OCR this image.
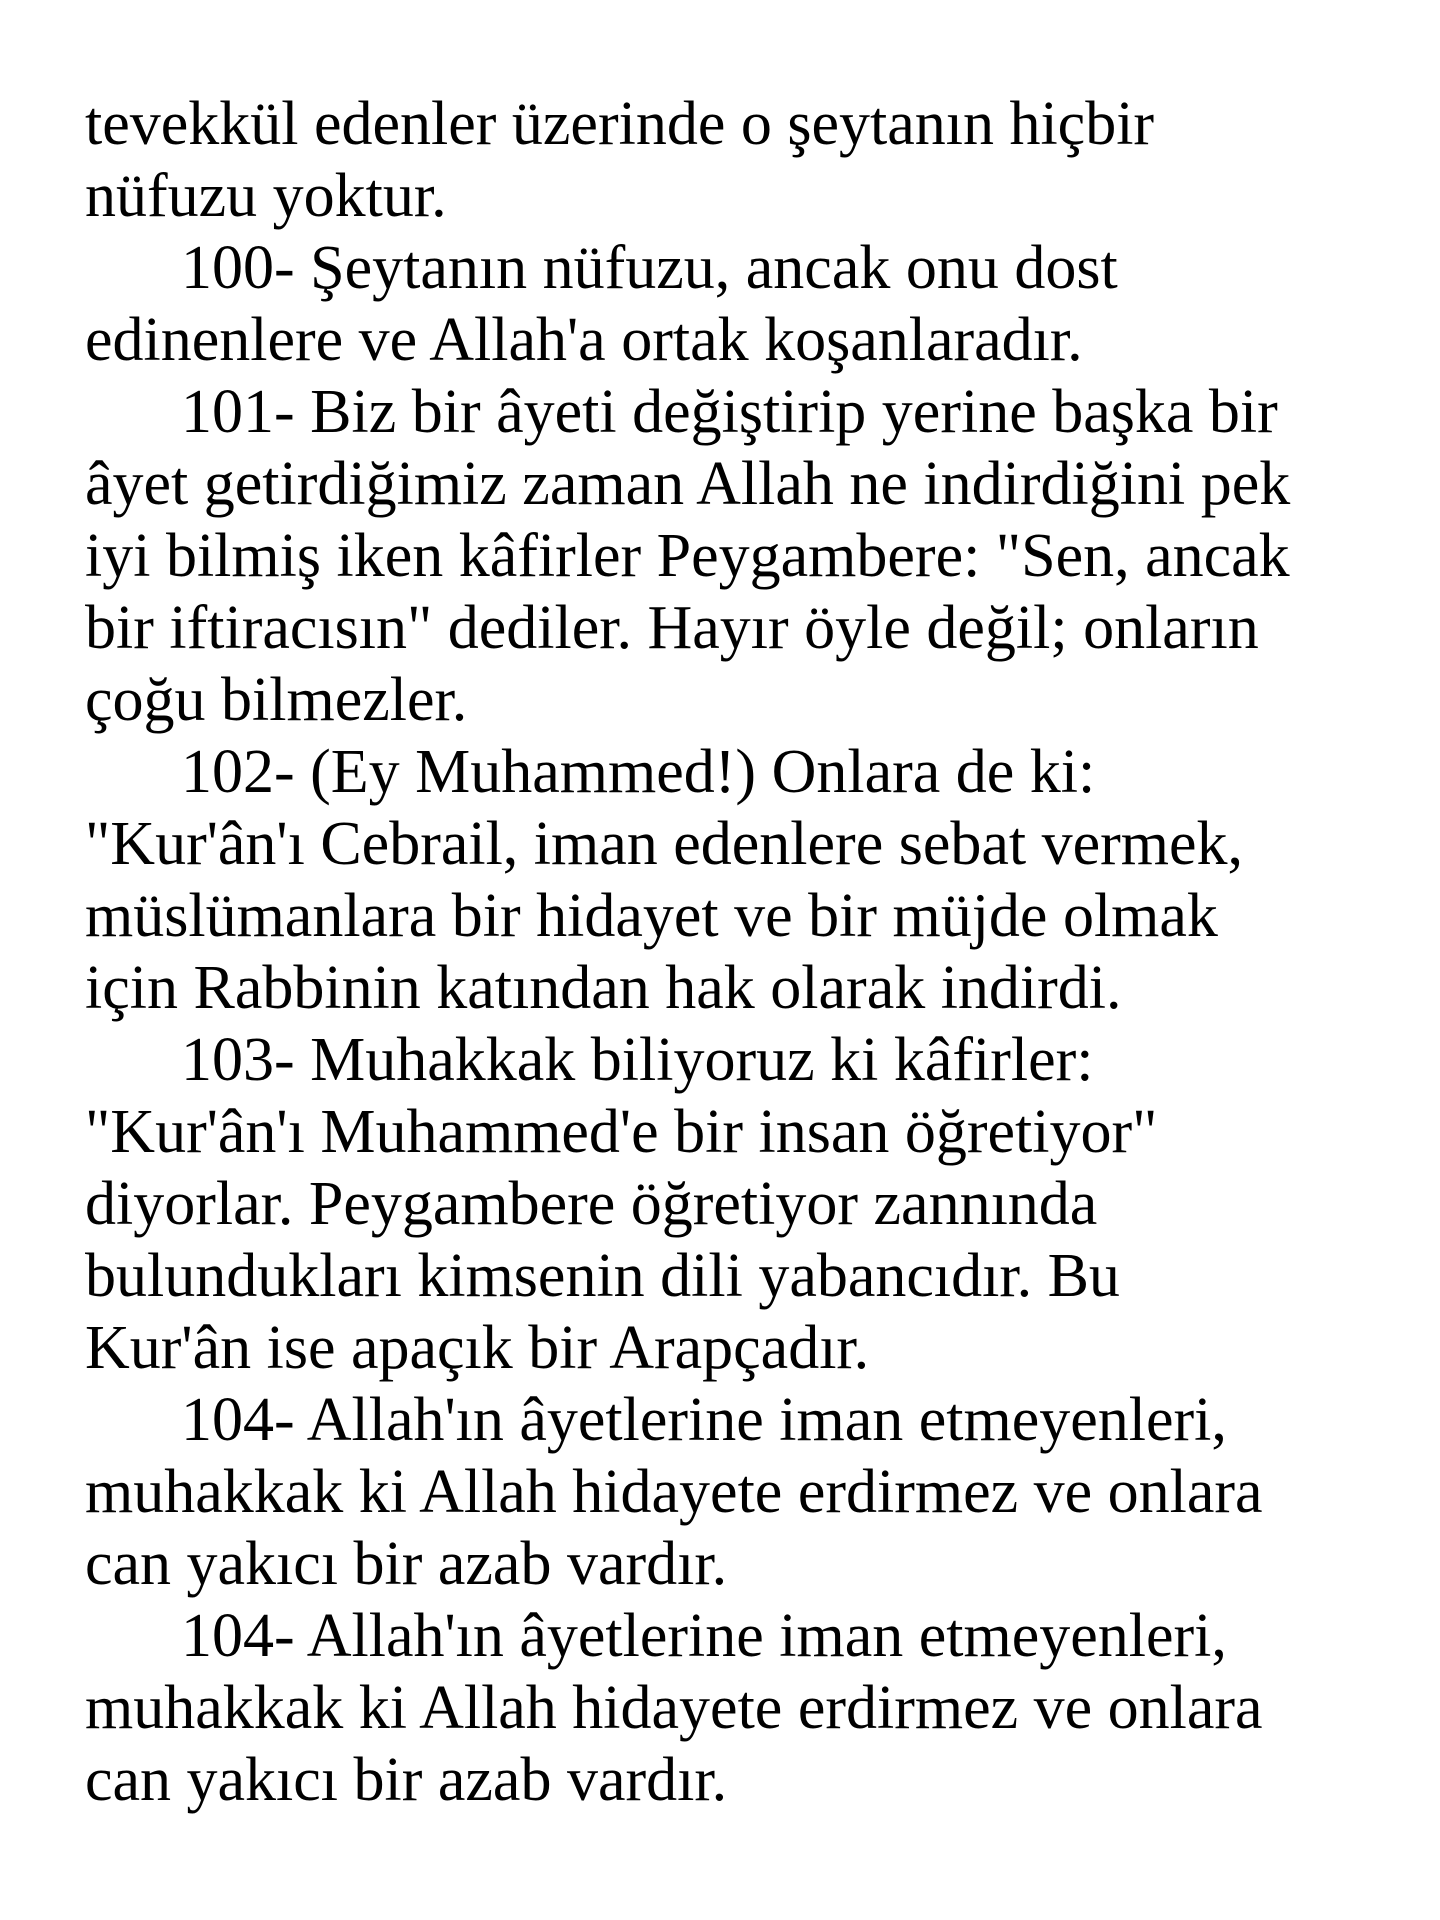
tevekkül edenler üzerinde o şeytanın hiçbir
nüfuzu yoktur.
100- Şeytanın nüfuzu, ancak onu dost
edinenlere ve Allah'a ortak koşanlaradır.
101- Biz bir âyeti değiştirip yerine başka bir
âyet getirdiğimiz zaman Allah ne indirdiğini pek
iyi bilmiş iken kâfirler Peygambere: "Sen, ancak
bir iftiracısın" dediler. Hayır öyle değil; onların
çoğu bilmezler.
102- (Ey Muhammed!) Onlara de ki:
"Kur'ân'ı Cebrail, iman edenlere sebat vermek,
müslümanlara bir hidayet ve bir müjde olmak
için Rabbinin katından hak olarak indirdi.
103- Muhakkak biliyoruz ki kâfirler:
"Kur'ân'ı Muhammed'e bir insan öğretiyor"
diyorlar. Peygambere öğretiyor zannında
bulundukları kimsenin dili yabancıdır. Bu
Kur'ân ise apaçık bir Arapçadır.
104- Allah'ın âyetlerine iman etmeyenleri,
muhakkak ki Allah hidayete erdirmez ve onlara
can yakıcı bir azab vardır.
104- Allah'ın âyetlerine iman etmeyenleri,
muhakkak ki Allah hidayete erdirmez ve onlara
can yakıcı bir azab vardır.
